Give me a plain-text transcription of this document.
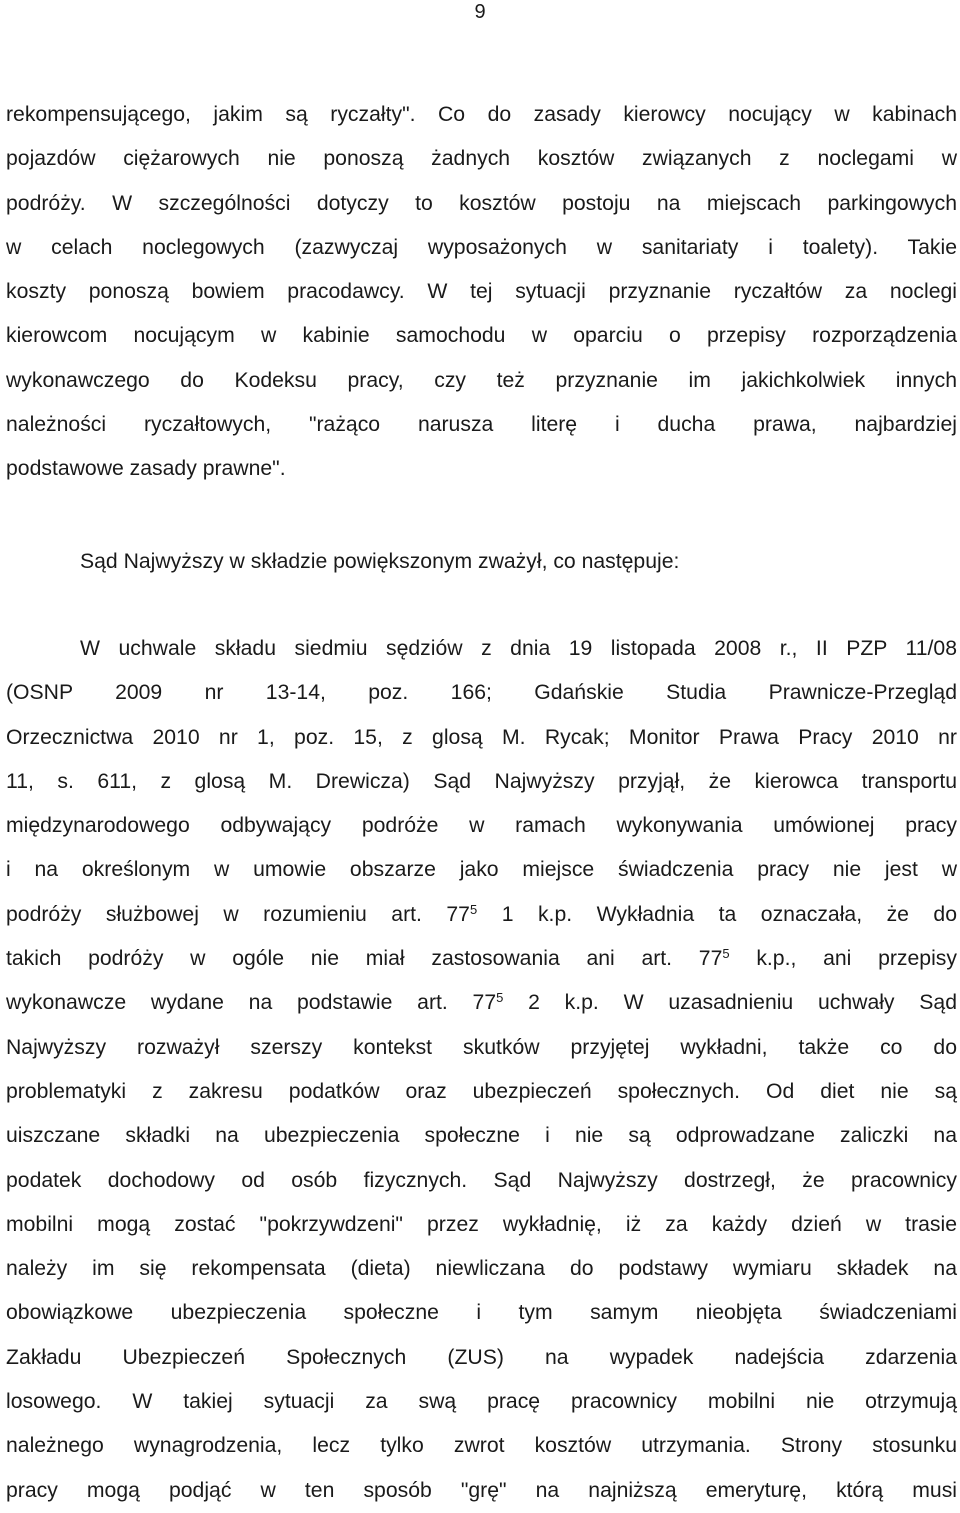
9
rekompensującego, jakim są ryczałty". Co do zasady kierowcy nocujący w kabinach
pojazdów ciężarowych nie ponoszą żadnych kosztów związanych z noclegami w
podróży. W szczególności dotyczy to kosztów postoju na miejscach parkingowych
w celach noclegowych (zazwyczaj wyposażonych w sanitariaty i toalety). Takie
koszty ponoszą bowiem pracodawcy. W tej sytuacji przyznanie ryczałtów za noclegi
kierowcom nocującym w kabinie samochodu w oparciu o przepisy rozporządzenia
wykonawczego do Kodeksu pracy, czy też przyznanie im jakichkolwiek innych
należności ryczałtowych, "rażąco narusza literę i ducha prawa, najbardziej
podstawowe zasady prawne".
Sąd Najwyższy w składzie powiększonym zważył, co następuje:
W uchwale składu siedmiu sędziów z dnia 19 listopada 2008 r., II PZP 11/08
(OSNP 2009 nr 13-14, poz. 166; Gdańskie Studia Prawnicze-Przegląd
Orzecznictwa 2010 nr 1, poz. 15, z glosą M. Rycak; Monitor Prawa Pracy 2010 nr
11, s. 611, z glosą M. Drewicza) Sąd Najwyższy przyjął, że kierowca transportu
międzynarodowego odbywający podróże w ramach wykonywania umówionej pracy
i na określonym w umowie obszarze jako miejsce świadczenia pracy nie jest w
podróży służbowej w rozumieniu art. 77$^5$ 1 k.p. Wykładnia ta oznaczała, że do
takich podróży w ogóle nie miał zastosowania ani art. 77$^5$ k.p., ani przepisy
wykonawcze wydane na podstawie art. 77$^5$ 2 k.p. W uzasadnieniu uchwały Sąd
Najwyższy rozważył szerszy kontekst skutków przyjętej wykładni, także co do
problematyki z zakresu podatków oraz ubezpieczeń społecznych. Od diet nie są
uiszczane składki na ubezpieczenia społeczne i nie są odprowadzane zaliczki na
podatek dochodowy od osób fizycznych. Sąd Najwyższy dostrzegł, że pracownicy
mobilni mogą zostać "pokrzywdzeni" przez wykładnię, iż za każdy dzień w trasie
należy im się rekompensata (dieta) niewliczana do podstawy wymiaru składek na
obowiązkowe ubezpieczenia społeczne i tym samym nieobjęta świadczeniami
Zakładu Ubezpieczeń Społecznych (ZUS) na wypadek nadejścia zdarzenia
losowego. W takiej sytuacji za swą pracę pracownicy mobilni nie otrzymują
należnego wynagrodzenia, lecz tylko zwrot kosztów utrzymania. Strony stosunku
pracy mogą podjąć w ten sposób "grę" na najniższą emeryturę, którą musi
